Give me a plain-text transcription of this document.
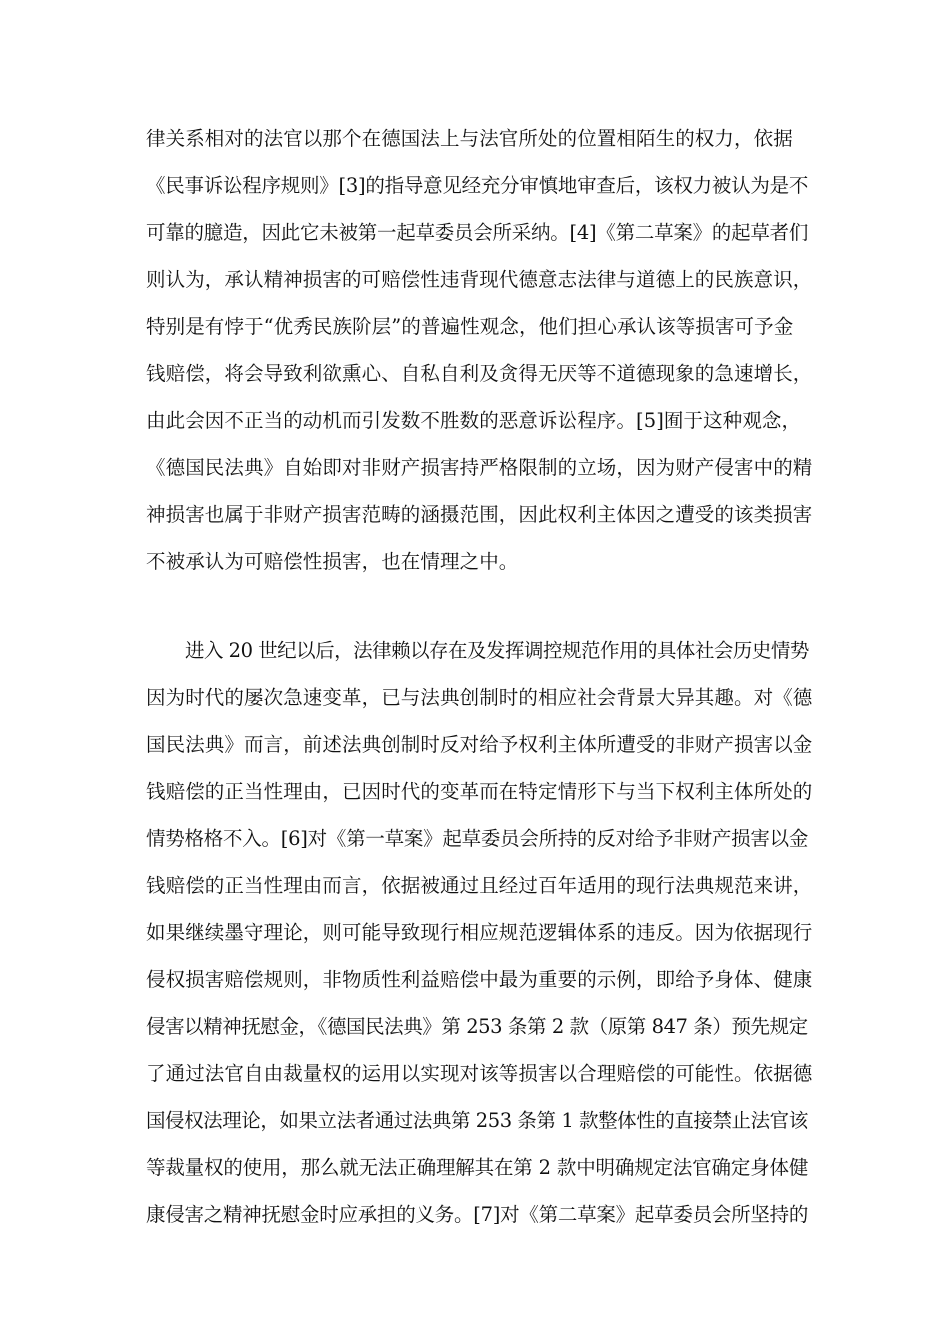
律关系相对的法官以那个在德国法上与法官所处的位置相陌生的权力，依据
《民事诉讼程序规则》[3]的指导意见经充分审慎地审查后，该权力被认为是不
可靠的臆造，因此它未被第一起草委员会所采纳。[4]《第二草案》的起草者们
则认为，承认精神损害的可赔偿性违背现代德意志法律与道德上的民族意识，
特别是有悖于“优秀民族阶层”的普遍性观念，他们担心承认该等损害可予金
钱赔偿，将会导致利欲熏心、自私自利及贪得无厌等不道德现象的急速增长，
由此会因不正当的动机而引发数不胜数的恶意诉讼程序。[5]囿于这种观念，
《德国民法典》自始即对非财产损害持严格限制的立场，因为财产侵害中的精
神损害也属于非财产损害范畴的涵摄范围，因此权利主体因之遭受的该类损害
不被承认为可赔偿性损害，也在情理之中。
进入 20 世纪以后，法律赖以存在及发挥调控规范作用的具体社会历史情势
因为时代的屡次急速变革，已与法典创制时的相应社会背景大异其趣。对《德
国民法典》而言，前述法典创制时反对给予权利主体所遭受的非财产损害以金
钱赔偿的正当性理由，已因时代的变革而在特定情形下与当下权利主体所处的
情势格格不入。[6]对《第一草案》起草委员会所持的反对给予非财产损害以金
钱赔偿的正当性理由而言，依据被通过且经过百年适用的现行法典规范来讲，
如果继续墨守理论，则可能导致现行相应规范逻辑体系的违反。因为依据现行
侵权损害赔偿规则，非物质性利益赔偿中最为重要的示例，即给予身体、健康
侵害以精神抚慰金，《德国民法典》第 253 条第 2 款（原第 847 条）预先规定
了通过法官自由裁量权的运用以实现对该等损害以合理赔偿的可能性。依据德
国侵权法理论，如果立法者通过法典第 253 条第 1 款整体性的直接禁止法官该
等裁量权的使用，那么就无法正确理解其在第 2 款中明确规定法官确定身体健
康侵害之精神抚慰金时应承担的义务。[7]对《第二草案》起草委员会所坚持的
